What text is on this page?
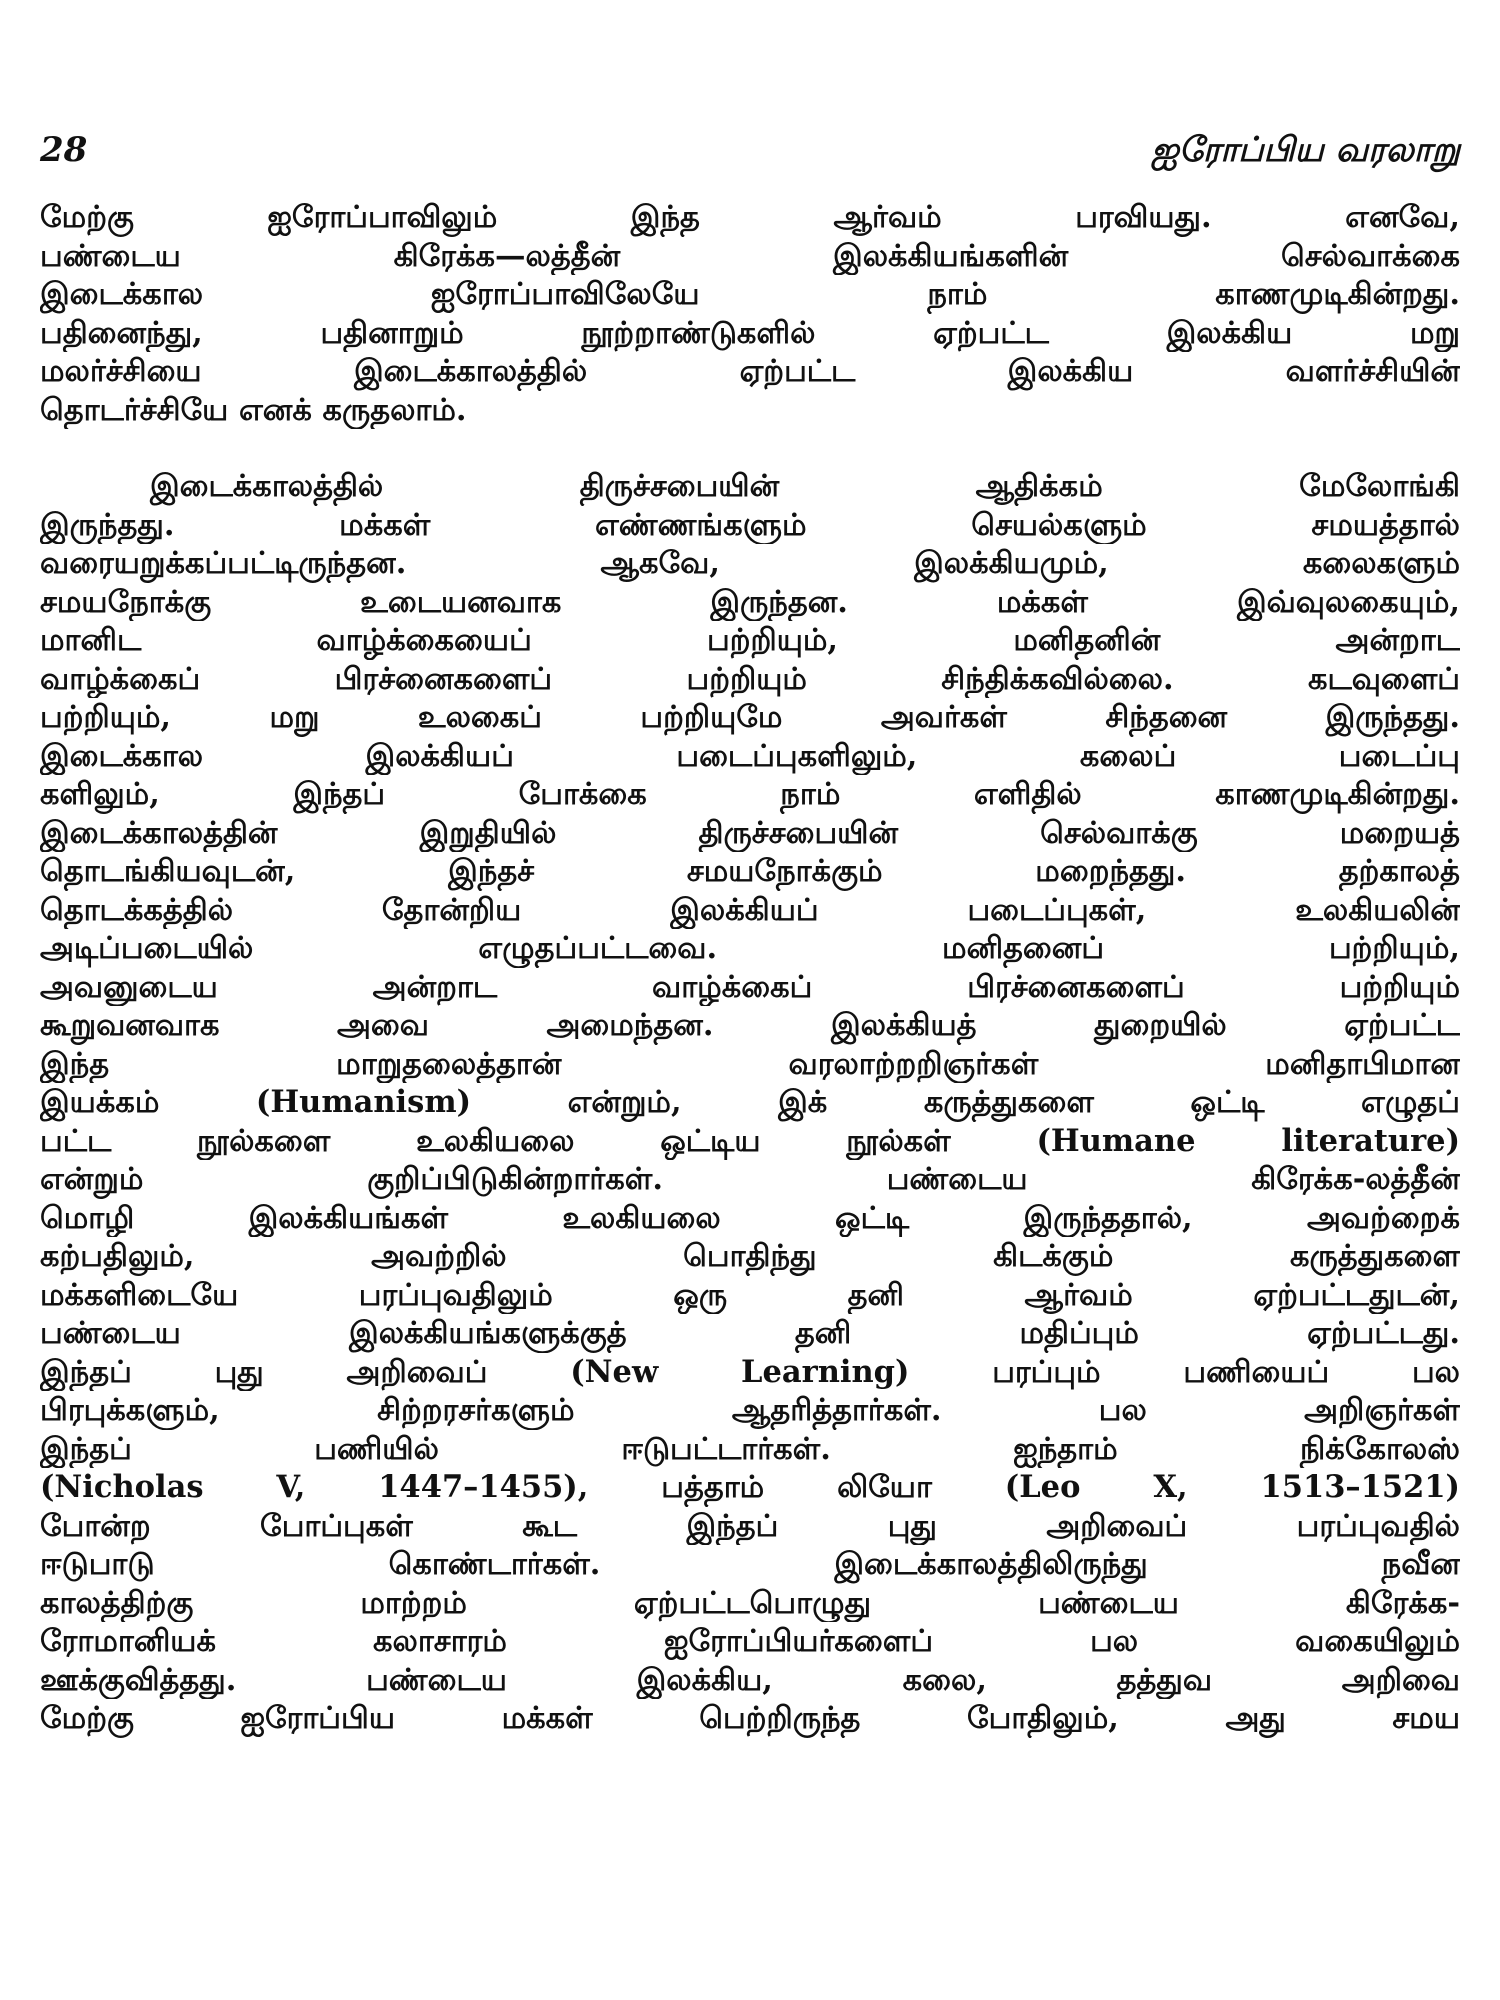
28	ஐரோப்பிய வரலாறு

மேற்கு ஐரோப்பாவிலும் இந்த ஆர்வம் பரவியது. எனவே,
பண்டைய கிரேக்க—லத்தீன் இலக்கியங்களின் செல்வாக்கை
இடைக்கால ஐரோப்பாவிலேயே நாம் காணமுடிகின்றது.
பதினைந்து, பதினாறும் நூற்றாண்டுகளில் ஏற்பட்ட இலக்கிய மறு
மலர்ச்சியை இடைக்காலத்தில் ஏற்பட்ட இலக்கிய வளர்ச்சியின்
தொடர்ச்சியே எனக் கருதலாம்.

இடைக்காலத்தில் திருச்சபையின் ஆதிக்கம் மேலோங்கி
இருந்தது. மக்கள் எண்ணங்களும் செயல்களும் சமயத்தால்
வரையறுக்கப்பட்டிருந்தன. ஆகவே, இலக்கியமும், கலைகளும்
சமயநோக்கு உடையனவாக இருந்தன. மக்கள் இவ்வுலகையும்,
மானிட வாழ்க்கையைப் பற்றியும், மனிதனின் அன்றாட
வாழ்க்கைப் பிரச்னைகளைப் பற்றியும் சிந்திக்கவில்லை. கடவுளைப்
பற்றியும், மறு உலகைப் பற்றியுமே அவர்கள் சிந்தனை இருந்தது.
இடைக்கால இலக்கியப் படைப்புகளிலும், கலைப் படைப்பு
களிலும், இந்தப் போக்கை நாம் எளிதில் காணமுடிகின்றது.
இடைக்காலத்தின் இறுதியில் திருச்சபையின் செல்வாக்கு மறையத்
தொடங்கியவுடன், இந்தச் சமயநோக்கும் மறைந்தது. தற்காலத்
தொடக்கத்தில் தோன்றிய இலக்கியப் படைப்புகள், உலகியலின்
அடிப்படையில் எழுதப்பட்டவை. மனிதனைப் பற்றியும்,
அவனுடைய அன்றாட வாழ்க்கைப் பிரச்னைகளைப் பற்றியும்
கூறுவனவாக அவை அமைந்தன. இலக்கியத் துறையில் ஏற்பட்ட
இந்த மாறுதலைத்தான் வரலாற்றறிஞர்கள் மனிதாபிமான
இயக்கம் (Humanism) என்றும், இக் கருத்துகளை ஒட்டி எழுதப்
பட்ட நூல்களை உலகியலை ஒட்டிய நூல்கள் (Humane literature)
என்றும் குறிப்பிடுகின்றார்கள். பண்டைய கிரேக்க-லத்தீன்
மொழி இலக்கியங்கள் உலகியலை ஒட்டி இருந்ததால், அவற்றைக்
கற்பதிலும், அவற்றில் பொதிந்து கிடக்கும் கருத்துகளை
மக்களிடையே பரப்புவதிலும் ஒரு தனி ஆர்வம் ஏற்பட்டதுடன்,
பண்டைய இலக்கியங்களுக்குத் தனி மதிப்பும் ஏற்பட்டது.
இந்தப் புது அறிவைப் (New Learning) பரப்பும் பணியைப் பல
பிரபுக்களும், சிற்றரசர்களும் ஆதரித்தார்கள். பல அறிஞர்கள்
இந்தப் பணியில் ஈடுபட்டார்கள். ஐந்தாம் நிக்கோலஸ்
(Nicholas V, 1447–1455), பத்தாம் லியோ (Leo X, 1513–1521)
போன்ற போப்புகள் கூட இந்தப் புது அறிவைப் பரப்புவதில்
ஈடுபாடு கொண்டார்கள். இடைக்காலத்திலிருந்து நவீன
காலத்திற்கு மாற்றம் ஏற்பட்டபொழுது பண்டைய கிரேக்க-
ரோமானியக் கலாசாரம் ஐரோப்பியர்களைப் பல வகையிலும்
ஊக்குவித்தது. பண்டைய இலக்கிய, கலை, தத்துவ அறிவை
மேற்கு ஐரோப்பிய மக்கள் பெற்றிருந்த போதிலும், அது சமய
